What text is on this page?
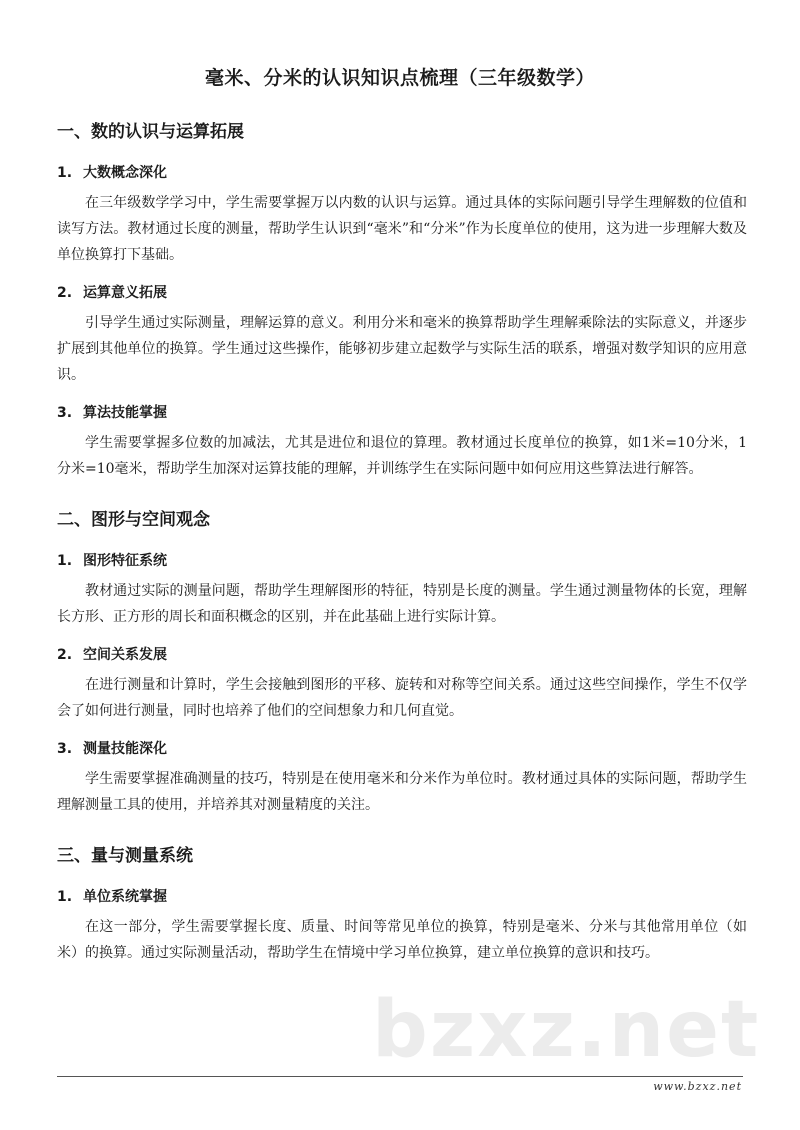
毫米、分米的认识知识点梳理（三年级数学）
一、数的认识与运算拓展
1. 大数概念深化

在三年级数学学习中，学生需要掌握万以内数的认识与运算。通过具体的实际问题引导学生理解数的位值和读写方法。教材通过长度的测量，帮助学生认识到“毫米”和“分米”作为长度单位的使用，这为进一步理解大数及单位换算打下基础。

2. 运算意义拓展

引导学生通过实际测量，理解运算的意义。利用分米和毫米的换算帮助学生理解乘除法的实际意义，并逐步扩展到其他单位的换算。学生通过这些操作，能够初步建立起数学与实际生活的联系，增强对数学知识的应用意识。

3. 算法技能掌握

学生需要掌握多位数的加减法，尤其是进位和退位的算理。教材通过长度单位的换算，如1米=10分米，1分米=10毫米，帮助学生加深对运算技能的理解，并训练学生在实际问题中如何应用这些算法进行解答。

二、图形与空间观念
1. 图形特征系统

教材通过实际的测量问题，帮助学生理解图形的特征，特别是长度的测量。学生通过测量物体的长宽，理解长方形、正方形的周长和面积概念的区别，并在此基础上进行实际计算。

2. 空间关系发展

在进行测量和计算时，学生会接触到图形的平移、旋转和对称等空间关系。通过这些空间操作，学生不仅学会了如何进行测量，同时也培养了他们的空间想象力和几何直觉。

3. 测量技能深化

学生需要掌握准确测量的技巧，特别是在使用毫米和分米作为单位时。教材通过具体的实际问题，帮助学生理解测量工具的使用，并培养其对测量精度的关注。

三、量与测量系统
1. 单位系统掌握

在这一部分，学生需要掌握长度、质量、时间等常见单位的换算，特别是毫米、分米与其他常用单位（如米）的换算。通过实际测量活动，帮助学生在情境中学习单位换算，建立单位换算的意识和技巧。

bzxz.net
www.bzxz.net
